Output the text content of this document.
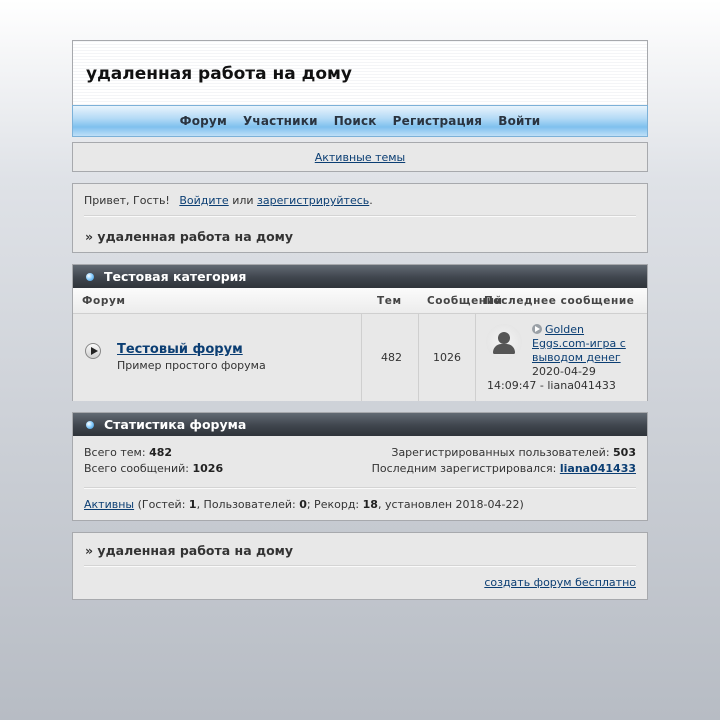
удаленная работа на дому
Форум Участники Поиск Регистрация Войти
Активные темы
Привет, Гость! Войдите или зарегистрируйтесь.
» удаленная работа на дому
Тестовая категория
Форум	Тем Сообщений
Последнее сообщение
Тестовый форум
Пример простого форума
482	1026
Golden Eggs.com-игра с выводом денег
2020-04-29
14:09:47 - liana041433
Статистика форума
Всего тем: 482
Всего сообщений: 1026
Зарегистрированных пользователей: 503
Последним зарегистрировался: liana041433
Активны (Гостей: 1, Пользователей: 0; Рекорд: 18, установлен 2018-04-22)
» удаленная работа на дому
создать форум бесплатно
